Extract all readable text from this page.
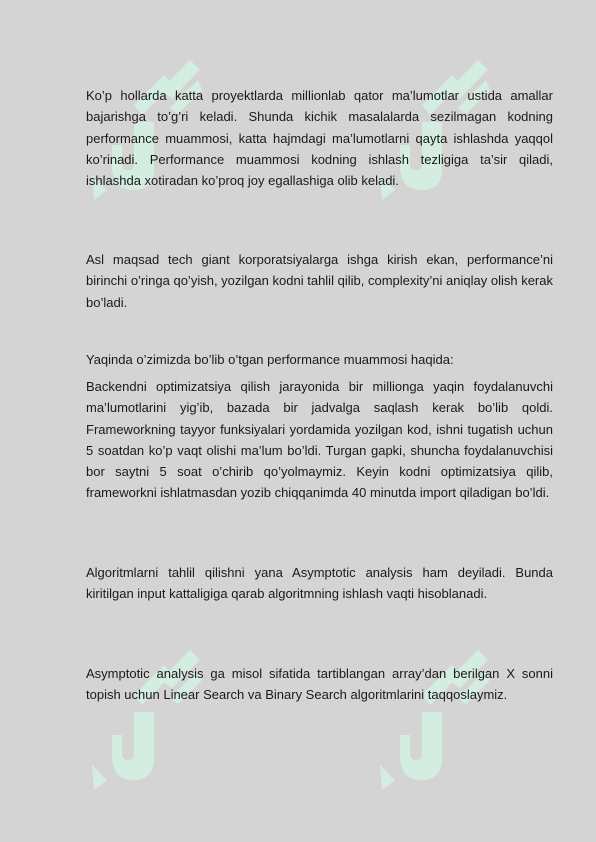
Ko’p hollarda katta proyektlarda millionlab qator ma’lumotlar ustida amallar bajarishga to’g’ri keladi. Shunda kichik masalalarda sezilmagan kodning performance muammosi, katta hajmdagi ma’lumotlarni qayta ishlashda yaqqol ko’rinadi. Performance muammosi kodning ishlash tezligiga ta’sir qiladi, ishlashda xotiradan ko’proq joy egallashiga olib keladi.

Asl maqsad tech giant korporatsiyalarga ishga kirish ekan, performance’ni birinchi o’ringa qo’yish, yozilgan kodni tahlil qilib, complexity’ni aniqlay olish kerak bo’ladi.

Yaqinda o’zimizda bo’lib o’tgan performance muammosi haqida:

Backendni optimizatsiya qilish jarayonida bir millionga yaqin foydalanuvchi ma’lumotlarini yig’ib, bazada bir jadvalga saqlash kerak bo’lib qoldi. Frameworkning tayyor funksiyalari yordamida yozilgan kod, ishni tugatish uchun 5 soatdan ko’p vaqt olishi ma’lum bo’ldi. Turgan gapki, shuncha foydalanuvchisi bor saytni 5 soat o’chirib qo’yolmaymiz. Keyin kodni optimizatsiya qilib, frameworkni ishlatmasdan yozib chiqqanimda 40 minutda import qiladigan bo’ldi.

Algoritmlarni tahlil qilishni yana Asymptotic analysis ham deyiladi. Bunda kiritilgan input kattaligiga qarab algoritmning ishlash vaqti hisoblanadi.

Asymptotic analysis ga misol sifatida tartiblangan array’dan berilgan X sonni topish uchun Linear Search va Binary Search algoritmlarini taqqoslaymiz.
